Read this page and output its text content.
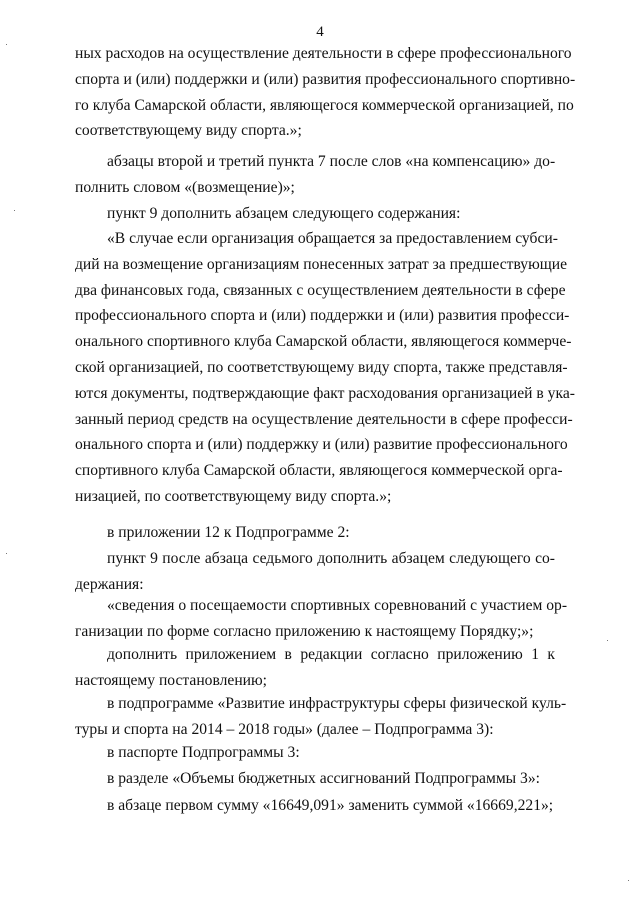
4
ных расходов на осуществление деятельности в сфере профессионального
спорта и (или) поддержки и (или) развития профессионального спортивно-
го клуба Самарской области, являющегося коммерческой организацией, по
соответствующему виду спорта.»;
абзацы второй и третий пункта 7 после слов «на компенсацию» до-
полнить словом «(возмещение)»;
пункт 9 дополнить абзацем следующего содержания:
«В случае если организация обращается за предоставлением субси-
дий на возмещение организациям понесенных затрат за предшествующие
два финансовых года, связанных с осуществлением деятельности в сфере
профессионального спорта и (или) поддержки и (или) развития професси-
онального спортивного клуба Самарской области, являющегося коммерче-
ской организацией, по соответствующему виду спорта, также представля-
ются документы, подтверждающие факт расходования организацией в ука-
занный период средств на осуществление деятельности в сфере професси-
онального спорта и (или) поддержку и (или) развитие профессионального
спортивного клуба Самарской области, являющегося коммерческой орга-
низацией, по соответствующему виду спорта.»;
в приложении 12 к Подпрограмме 2:
пункт 9 после абзаца седьмого дополнить абзацем следующего со-
держания:
«сведения о посещаемости спортивных соревнований с участием ор-
ганизации по форме согласно приложению к настоящему Порядку;»;
дополнить приложением в редакции согласно приложению 1 к
настоящему постановлению;
в подпрограмме «Развитие инфраструктуры сферы физической куль-
туры и спорта на 2014 – 2018 годы» (далее – Подпрограмма 3):
в паспорте Подпрограммы 3:
в разделе «Объемы бюджетных ассигнований Подпрограммы 3»:
в абзаце первом сумму «16649,091» заменить суммой «16669,221»;
